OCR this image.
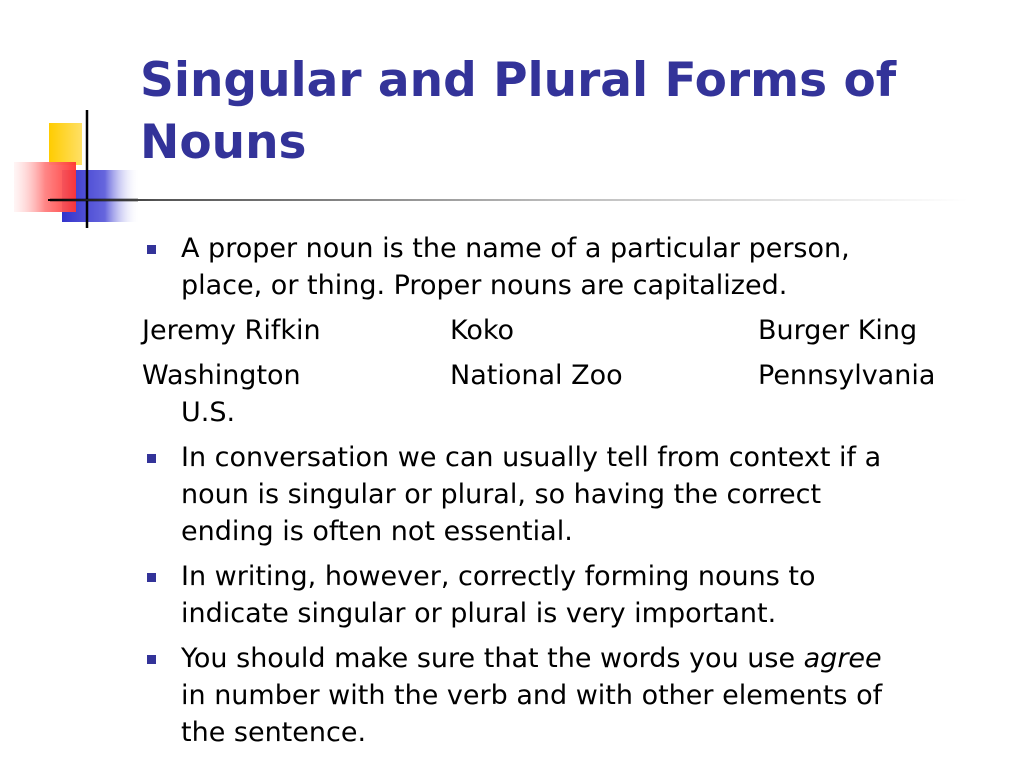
Singular and Plural Forms of
Nouns
A proper noun is the name of a particular person,
place, or thing. Proper nouns are capitalized.
Jeremy Rifkin	Koko	Burger King
Washington	National Zoo	Pennsylvania
U.S.
In conversation we can usually tell from context if a
noun is singular or plural, so having the correct
ending is often not essential.
In writing, however, correctly forming nouns to
indicate singular or plural is very important.
You should make sure that the words you use agree
in number with the verb and with other elements of
the sentence.
